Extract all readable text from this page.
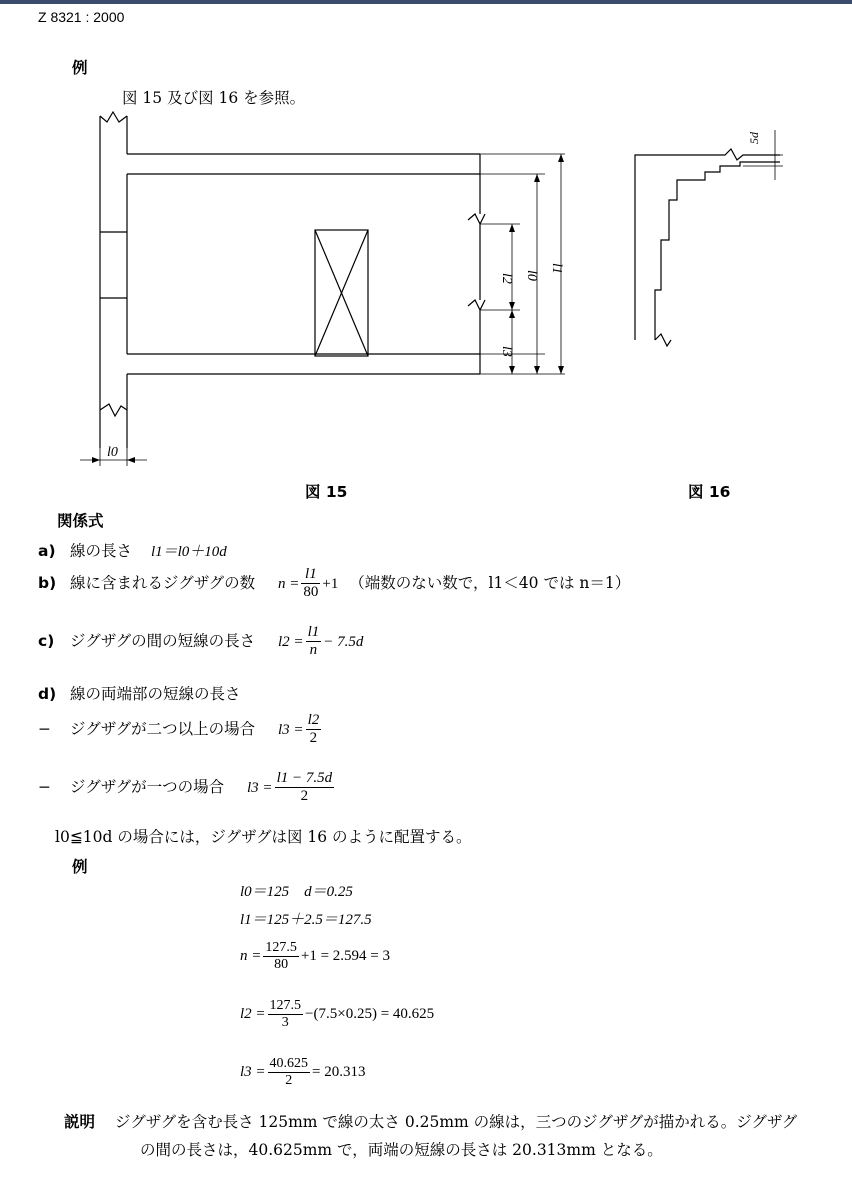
Z 8321 : 2000
例
図 15 及び図 16 を参照。
l2
l3
l0
l1
l0
5d
図 15	図 16
関係式
a) 線の長さ l1＝l0＋10d
b) 線に含まれるジグザグの数 $n = \frac{l1}{80} +1$ （端数のない数で，l1＜40 では n＝1）
c) ジグザグの間の短線の長さ $l2 = \frac{l1}{n} - 7.5d$
d) 線の両端部の短線の長さ
− ジグザグが二つ以上の場合 $l3 = \frac{l2}{2}$
− ジグザグが一つの場合 $l3 = \frac{l1 - 7.5d}{2}$
l0≦10d の場合には，ジグザグは図 16 のように配置する。
例
l0＝125　d＝0.25
l1＝125＋2.5＝127.5
$n = \frac{127.5}{80} +1 = 2.594 = 3$
$l2 = \frac{127.5}{3} -(7.5\times 0.25) = 40.625$
$l3 = \frac{40.625}{2} = 20.313$
説明 ジグザグを含む長さ 125mm で線の太さ 0.25mm の線は，三つのジグザグが描かれる。ジグザグ
の間の長さは，40.625mm で，両端の短線の長さは 20.313mm となる。
